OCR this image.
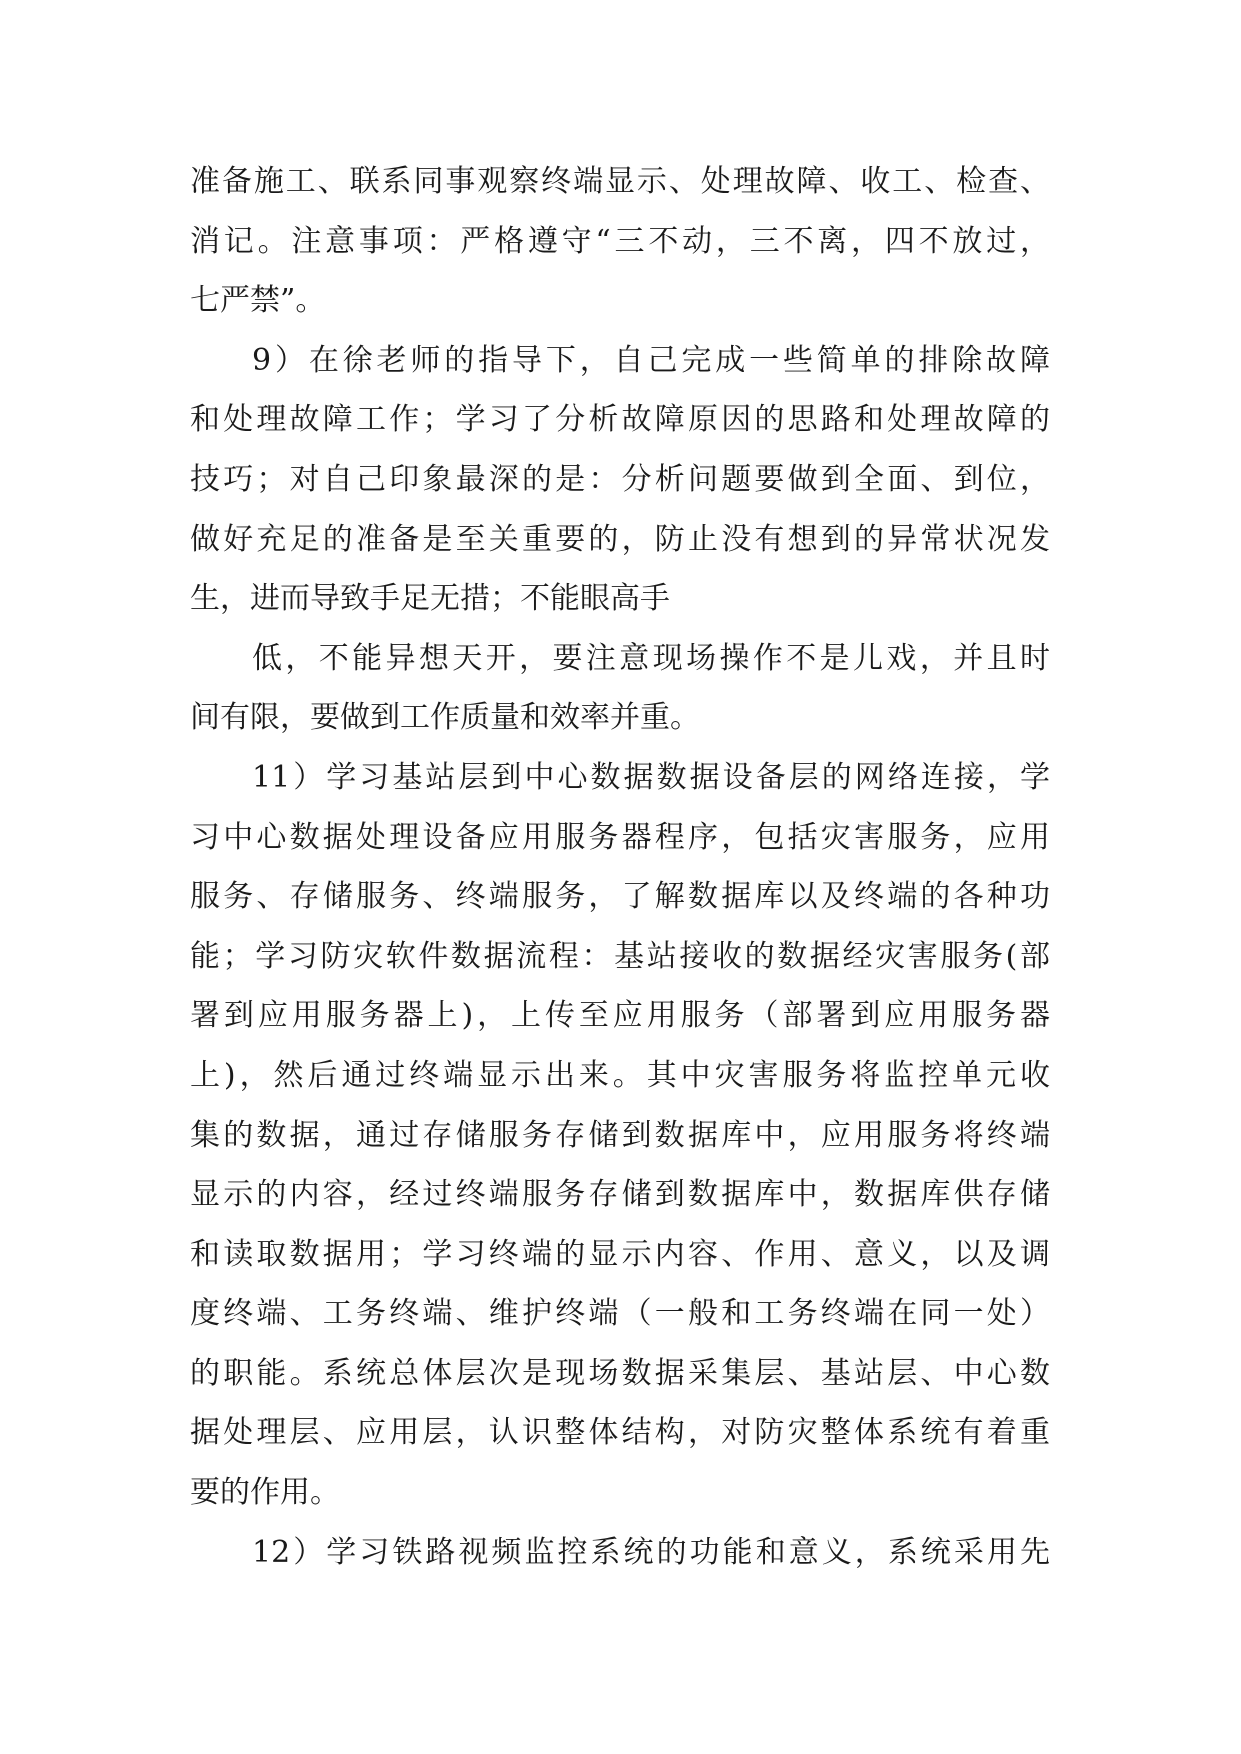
准备施工、联系同事观察终端显示、处理故障、收工、检查、
消记。注意事项：严格遵守“三不动，三不离，四不放过，
七严禁”。
9）在徐老师的指导下，自己完成一些简单的排除故障
和处理故障工作；学习了分析故障原因的思路和处理故障的
技巧；对自己印象最深的是：分析问题要做到全面、到位，
做好充足的准备是至关重要的，防止没有想到的异常状况发
生，进而导致手足无措；不能眼高手
低，不能异想天开，要注意现场操作不是儿戏，并且时
间有限，要做到工作质量和效率并重。
11）学习基站层到中心数据数据设备层的网络连接，学
习中心数据处理设备应用服务器程序，包括灾害服务，应用
服务、存储服务、终端服务，了解数据库以及终端的各种功
能；学习防灾软件数据流程：基站接收的数据经灾害服务(部
署到应用服务器上)，上传至应用服务（部署到应用服务器
上)，然后通过终端显示出来。其中灾害服务将监控单元收
集的数据，通过存储服务存储到数据库中，应用服务将终端
显示的内容，经过终端服务存储到数据库中，数据库供存储
和读取数据用；学习终端的显示内容、作用、意义，以及调
度终端、工务终端、维护终端（一般和工务终端在同一处）
的职能。系统总体层次是现场数据采集层、基站层、中心数
据处理层、应用层，认识整体结构，对防灾整体系统有着重
要的作用。
12）学习铁路视频监控系统的功能和意义，系统采用先
